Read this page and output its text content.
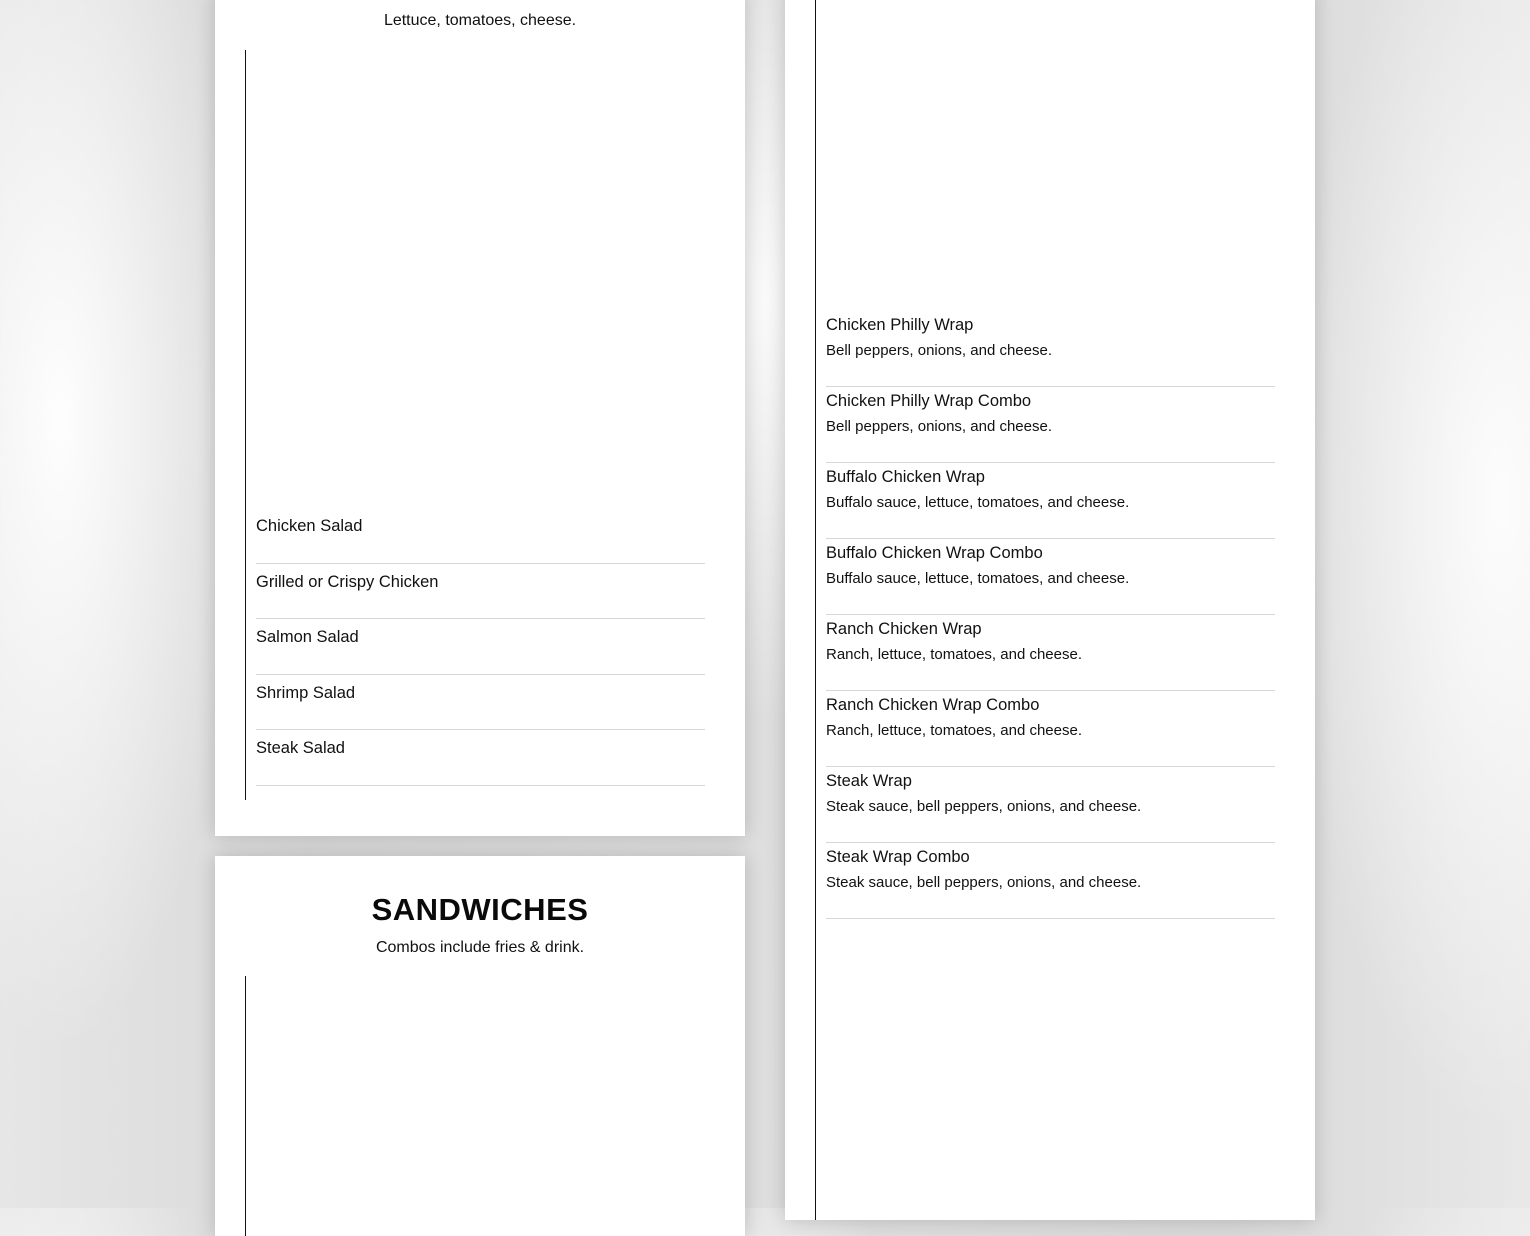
Lettuce, tomatoes, cheese.

Chicken Salad
Grilled or Crispy Chicken
Salmon Salad
Shrimp Salad
Steak Salad
SANDWICHES

Combos include fries & drink.

Chicken Philly Wrap
Bell peppers, onions, and cheese.
Chicken Philly Wrap Combo
Bell peppers, onions, and cheese.
Buffalo Chicken Wrap
Buffalo sauce, lettuce, tomatoes, and cheese.
Buffalo Chicken Wrap Combo
Buffalo sauce, lettuce, tomatoes, and cheese.
Ranch Chicken Wrap
Ranch, lettuce, tomatoes, and cheese.
Ranch Chicken Wrap Combo
Ranch, lettuce, tomatoes, and cheese.
Steak Wrap
Steak sauce, bell peppers, onions, and cheese.
Steak Wrap Combo
Steak sauce, bell peppers, onions, and cheese.
